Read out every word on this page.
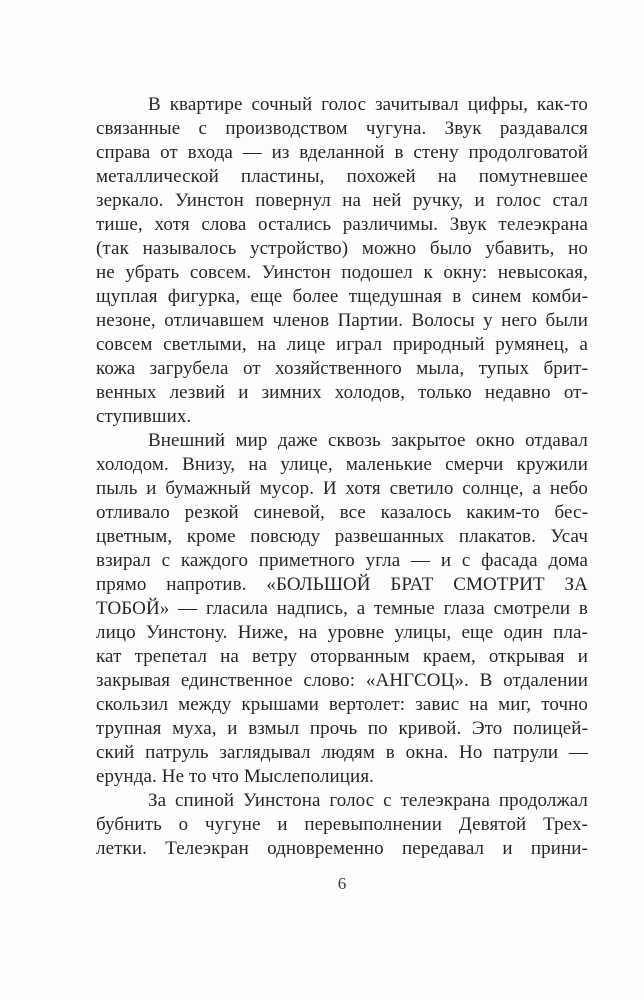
В квартире сочный голос зачитывал цифры, как-то
связанные с производством чугуна. Звук раздавался
справа от входа — из вделанной в стену продолговатой
металлической пластины, похожей на помутневшее
зеркало. Уинстон повернул на ней ручку, и голос стал
тише, хотя слова остались различимы. Звук телеэкрана
(так называлось устройство) можно было убавить, но
не убрать совсем. Уинстон подошел к окну: невысокая,
щуплая фигурка, еще более тщедушная в синем комби-
незоне, отличавшем членов Партии. Волосы у него были
совсем светлыми, на лице играл природный румянец, а
кожа загрубела от хозяйственного мыла, тупых брит-
венных лезвий и зимних холодов, только недавно от-
ступивших.
Внешний мир даже сквозь закрытое окно отдавал
холодом. Внизу, на улице, маленькие смерчи кружили
пыль и бумажный мусор. И хотя светило солнце, а небо
отливало резкой синевой, все казалось каким-то бес-
цветным, кроме повсюду развешанных плакатов. Усач
взирал с каждого приметного угла — и с фасада дома
прямо напротив. «БОЛЬШОЙ БРАТ СМОТРИТ ЗА
ТОБОЙ» — гласила надпись, а темные глаза смотрели в
лицо Уинстону. Ниже, на уровне улицы, еще один пла-
кат трепетал на ветру оторванным краем, открывая и
закрывая единственное слово: «АНГСОЦ». В отдалении
скользил между крышами вертолет: завис на миг, точно
трупная муха, и взмыл прочь по кривой. Это полицей-
ский патруль заглядывал людям в окна. Но патрули —
ерунда. Не то что Мыслеполиция.
За спиной Уинстона голос с телеэкрана продолжал
бубнить о чугуне и перевыполнении Девятой Трех-
летки. Телеэкран одновременно передавал и прини-
6
